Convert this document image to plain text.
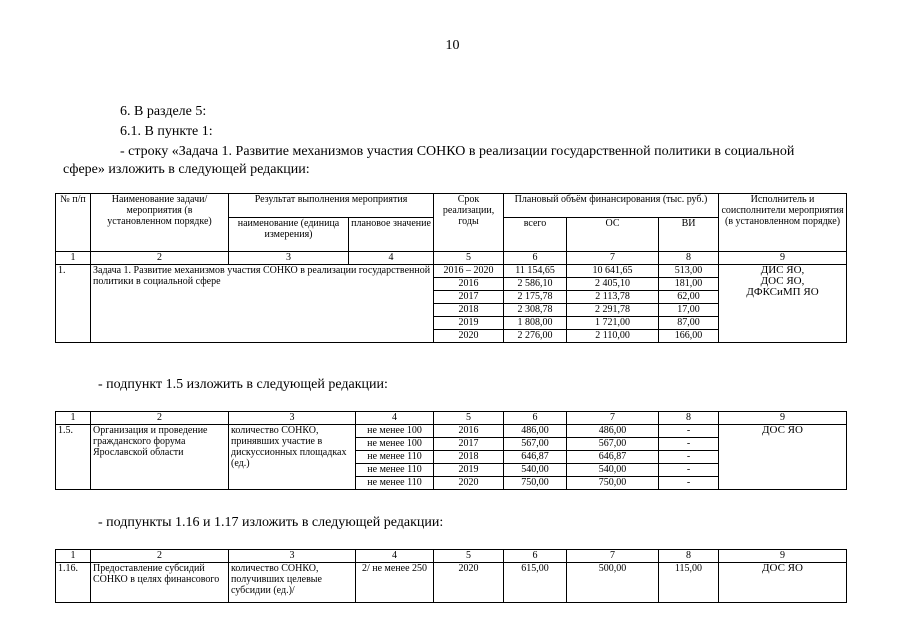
10
6. В разделе 5:
6.1. В пункте 1:
- строку «Задача 1. Развитие механизмов участия СОНКО в реализации государственной политики в социальной
сфере» изложить в следующей редакции:
№ п/п	Наименование задачи/мероприятия (в установленном порядке)	Результат выполнения мероприятия		Срок реализации, годы	Плановый объём финансирования (тыс. руб.)			Исполнитель и соисполнители мероприятия (в установленном порядке)
		наименование (единица измерения)	плановое значение		всего	ОС	ВИ	
1	2	3	4	5	6	7	8	9
1.	Задача 1. Развитие механизмов участия СОНКО в реализации государственной политики в социальной сфере			2016 – 2020	11 154,65	10 641,65	513,00	ДИС ЯО,
ДОС ЯО,
ДФКСиМП ЯО

				2016	2 586,10	2 405,10	181,00	
				2017	2 175,78	2 113,78	62,00	
				2018	2 308,78	2 291,78	17,00	
				2019	1 808,00	1 721,00	87,00	
				2020	2 276,00	2 110,00	166,00	
- подпункт 1.5 изложить в следующей редакции:
1	2	3	4	5	6	7	8	9
1.5.	Организация и проведение гражданского форума Ярославской области	количество СОНКО, принявших участие в дискуссионных площадках (ед.)	не менее 100	2016	486,00	486,00	-	ДОС ЯО
			не менее 100	2017	567,00	567,00	-	
			не менее 110	2018	646,87	646,87	-	
			не менее 110	2019	540,00	540,00	-	
			не менее 110	2020	750,00	750,00	-	
- подпункты 1.16 и 1.17 изложить в следующей редакции:
1	2	3	4	5	6	7	8	9
1.16.	Предоставление субсидий СОНКО в целях финансового	количество СОНКО, получивших целевые субсидии (ед.)/	2/ не менее 250	2020	615,00	500,00	115,00	ДОС ЯО
